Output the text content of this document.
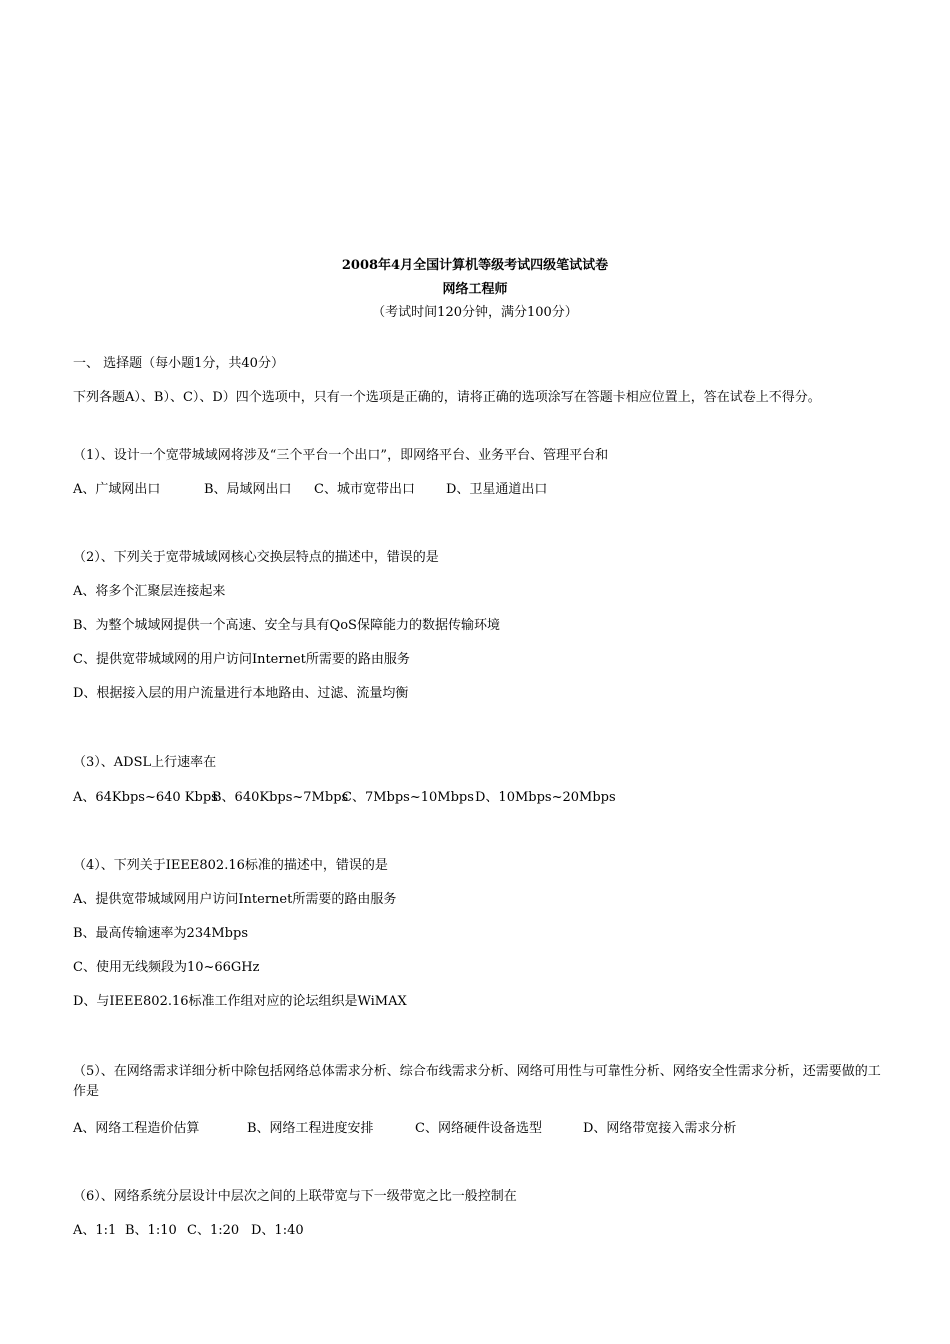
2008年4月全国计算机等级考试四级笔试试卷
网络工程师
（考试时间120分钟，满分100分）
一、 选择题（每小题1分，共40分）
下列各题A）、B）、C）、D）四个选项中，只有一个选项是正确的，请将正确的选项涂写在答题卡相应位置上，答在试卷上不得分。
（1）、设计一个宽带城域网将涉及“三个平台一个出口”，即网络平台、业务平台、管理平台和
A、广域网出口	B、局域网出口 C、城市宽带出口 D、卫星通道出口
（2）、下列关于宽带城域网核心交换层特点的描述中，错误的是
A、将多个汇聚层连接起来
B、为整个城域网提供一个高速、安全与具有QoS保障能力的数据传输环境
C、提供宽带城域网的用户访问Internet所需要的路由服务
D、根据接入层的用户流量进行本地路由、过滤、流量均衡
（3）、ADSL上行速率在
A、64Kbps~640 KbpsB、640Kbps~7MbpsC、7Mbps~10MbpsD、10Mbps~20Mbps
（4）、下列关于IEEE802.16标准的描述中，错误的是
A、提供宽带城域网用户访问Internet所需要的路由服务
B、最高传输速率为234Mbps
C、使用无线频段为10~66GHz
D、与IEEE802.16标准工作组对应的论坛组织是WiMAX
（5）、在网络需求详细分析中除包括网络总体需求分析、综合布线需求分析、网络可用性与可靠性分析、网络安全性需求分析，还需要做的工作是
A、网络工程造价估算	B、网络工程进度安排	C、网络硬件设备选型	D、网络带宽接入需求分析
（6）、网络系统分层设计中层次之间的上联带宽与下一级带宽之比一般控制在
A、1:1 B、1:10 C、1:20 D、1:40
